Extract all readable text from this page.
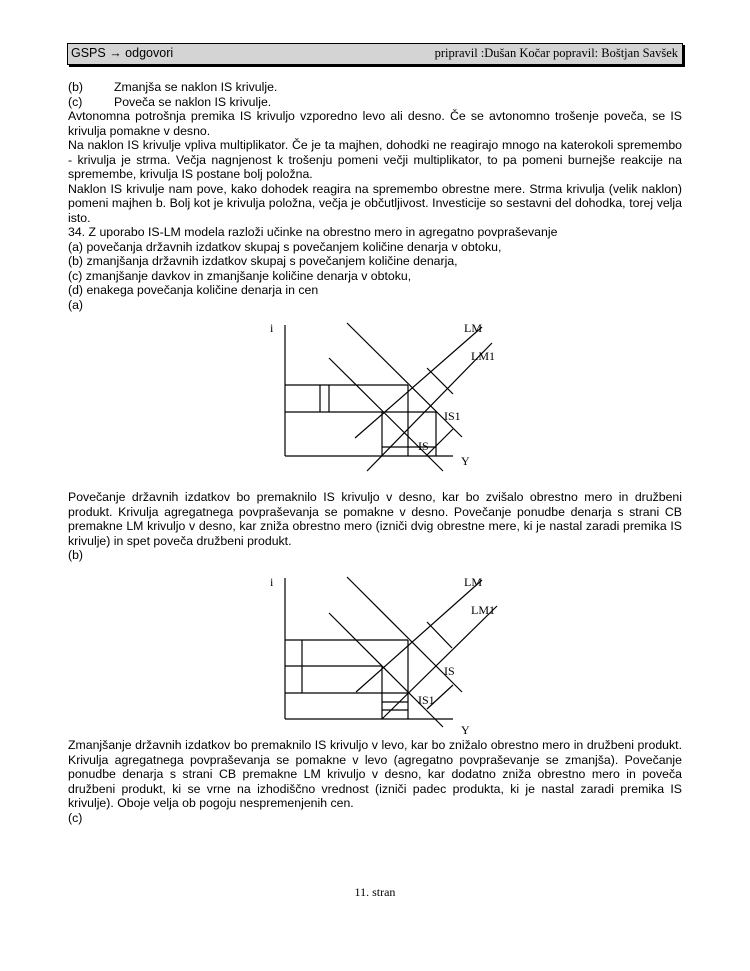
GSPS → odgovori	pripravil :Dušan Kočar popravil: Boštjan Savšek
(b)	Zmanjša se naklon IS krivulje.
(c)	Poveča se naklon IS krivulje.

Avtonomna potrošnja premika IS krivuljo vzporedno levo ali desno. Če se avtonomno trošenje poveča, se IS krivulja pomakne v desno.

Na naklon IS krivulje vpliva multiplikator. Če je ta majhen, dohodki ne reagirajo mnogo na katerokoli spremembo - krivulja je strma. Večja nagnjenost k trošenju pomeni večji multiplikator, to pa pomeni burnejše reakcije na spremembe, krivulja IS postane bolj položna.

Naklon IS krivulje nam pove, kako dohodek reagira na spremembo obrestne mere. Strma krivulja (velik naklon) pomeni majhen b. Bolj kot je krivulja položna, večja je občutljivost. Investicije so sestavni del dohodka, torej velja isto.

34. Z uporabo IS-LM modela razloži učinke na obrestno mero in agregatno povpraševanje

(a) povečanja državnih izdatkov skupaj s povečanjem količine denarja v obtoku,

(b) zmanjšanja državnih izdatkov skupaj s povečanjem količine denarja,

(c) zmanjšanje davkov in zmanjšanje količine denarja v obtoku,

(d) enakega povečanja količine denarja in cen

(a)

i
Y
LM
LM1
IS1
IS

Povečanje državnih izdatkov bo premaknilo IS krivuljo v desno, kar bo zvišalo obrestno mero in družbeni produkt. Krivulja agregatnega povpraševanja se pomakne v desno. Povečanje ponudbe denarja s strani CB premakne LM krivuljo v desno, kar zniža obrestno mero (izniči dvig obrestne mere, ki je nastal zaradi premika IS krivulje) in spet poveča družbeni produkt.

(b)

i
Y
LM
LM1
IS
IS1

Zmanjšanje državnih izdatkov bo premaknilo IS krivuljo v levo, kar bo znižalo obrestno mero in družbeni produkt. Krivulja agregatnega povpraševanja se pomakne v levo (agregatno povpraševanje se zmanjša). Povečanje ponudbe denarja s strani CB premakne LM krivuljo v desno, kar dodatno zniža obrestno mero in poveča družbeni produkt, ki se vrne na izhodiščno vrednost (izniči padec produkta, ki je nastal zaradi premika IS krivulje). Oboje velja ob pogoju nespremenjenih cen.

(c)

11. stran
